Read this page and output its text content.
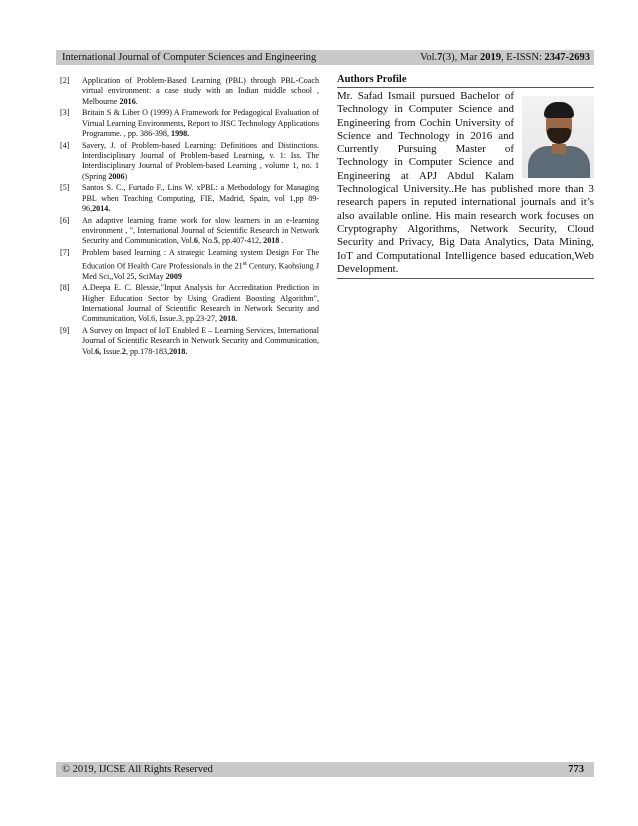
International Journal of Computer Sciences and Engineering	Vol.7(3), Mar 2019, E-ISSN: 2347-2693
[2]	Application of Problem-Based Learning (PBL) through PBL-Coach virtual environment: a case study with an Indian middle school , Melbourne 2016.
[3]	Britain S & Liber O (1999) A Framework for Pedagogical Evaluation of Virtual Learning Environments, Report to JISC Technology Applications Programme. , pp. 386-398, 1998.
[4]	Savery, J. of Problem-based Learning: Definitions and Distinctions. Interdisciplinary Journal of Problem-based Learning, v. 1: Iss. The Interdisciplinary Journal of Problem-based Learning , volume 1, no. 1 (Spring 2006)
[5]	Santos S. C., Furtado F., Lins W. xPBL: a Methodology for Managing PBL when Teaching Computing, FIE, Madrid, Spain, vol 1,pp 89-96,2014.
[6]	An adaptive learning frame work for slow learners in an e-learning environment , ", International Journal of Scientific Research in Network Security and Communication, Vol.6, No.5, pp.407-412, 2018 .
[7]	Problem based learning : A strategic Learning system Design For The Education Of Health Care Professionals in the 21st Century, Kaohsiung J Med Sci,,Vol 25, SciMay 2009
[8]	A.Deepa E. C. Blessie,"Input Analysis for Accreditation Prediction in Higher Education Sector by Using Gradient Boosting Algorithm", International Journal of Scientific Research in Network Security and Communication, Vol.6, Issue.3, pp.23-27, 2018.
[9]	A Survey on Impact of IoT Enabled E – Learning Services, International Journal of Scientific Research in Network Security and Communication, Vol.6, Issue.2, pp.178-183,2018.
Authors Profile
Mr. Safad Ismail pursued Bachelor of Technology in Computer Science and Engineering from Cochin University of Science and Technology in 2016 and Currently Pursuing Master of Technology in Computer Science and Engineering at APJ Abdul Kalam Technological University..He has published more than 3 research papers in reputed international journals and it’s also available online. His main research work focuses on Cryptography Algorithms, Network Security, Cloud Security and Privacy, Big Data Analytics, Data Mining, IoT and Computational Intelligence based education,Web Development.
© 2019, IJCSE All Rights Reserved	773
